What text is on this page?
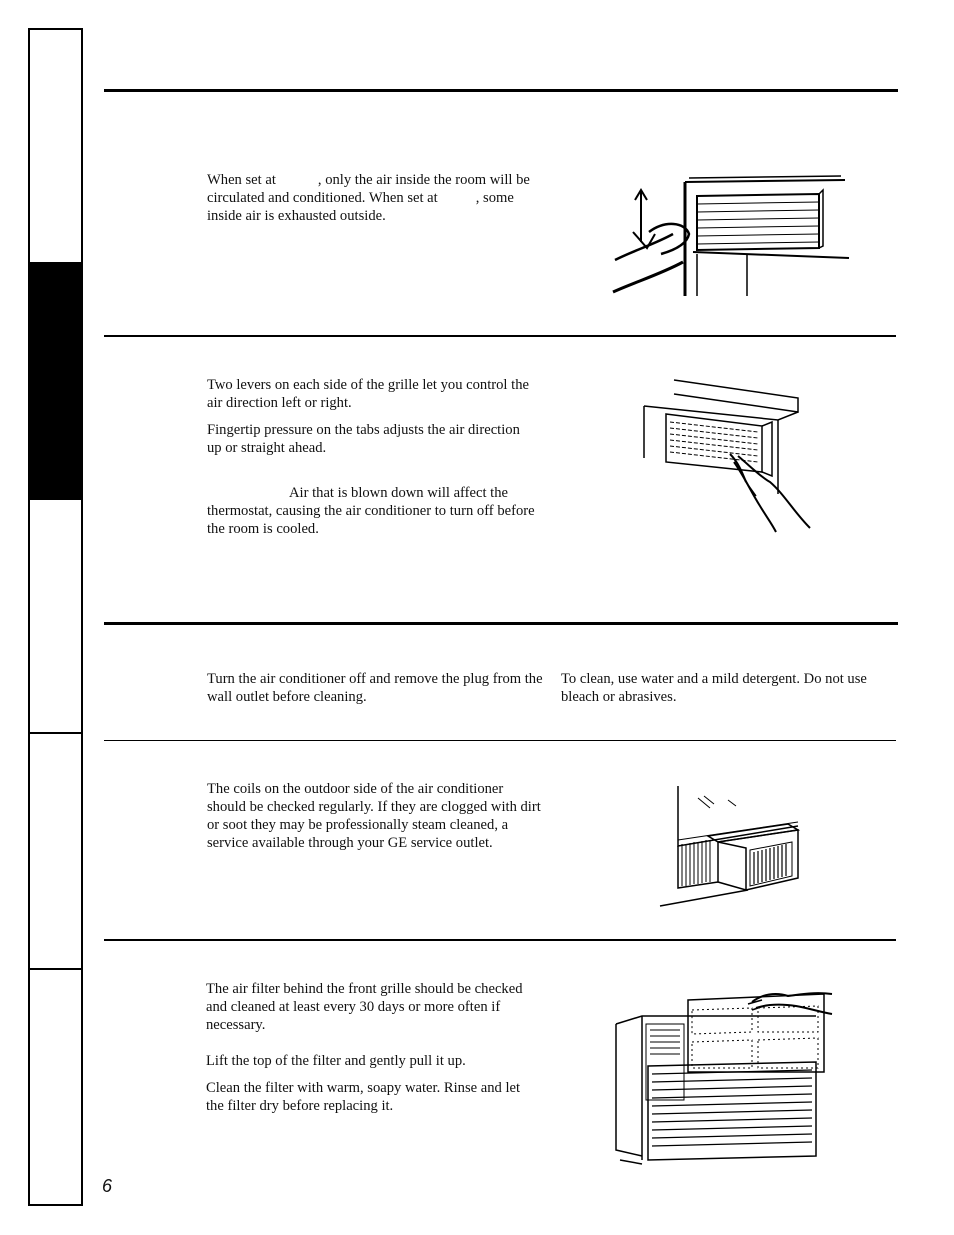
When set at	, only the air inside the room will be circulated and conditioned. When set at	, some inside air is exhausted outside.

Two levers on each side of the grille let you control the air direction left or right.

Fingertip pressure on the tabs adjusts the air direction up or straight ahead.

Air that is blown down will affect the thermostat, causing the air conditioner to turn off before the room is cooled.

Turn the air conditioner off and remove the plug from the wall outlet before cleaning.
To clean, use water and a mild detergent. Do not use bleach or abrasives.

The coils on the outdoor side of the air conditioner should be checked regularly. If they are clogged with dirt or soot they may be professionally steam cleaned, a service available through your GE service outlet.

The air filter behind the front grille should be checked and cleaned at least every 30 days or more often if necessary.

Lift the top of the filter and gently pull it up.

Clean the filter with warm, soapy water. Rinse and let the filter dry before replacing it.

6
